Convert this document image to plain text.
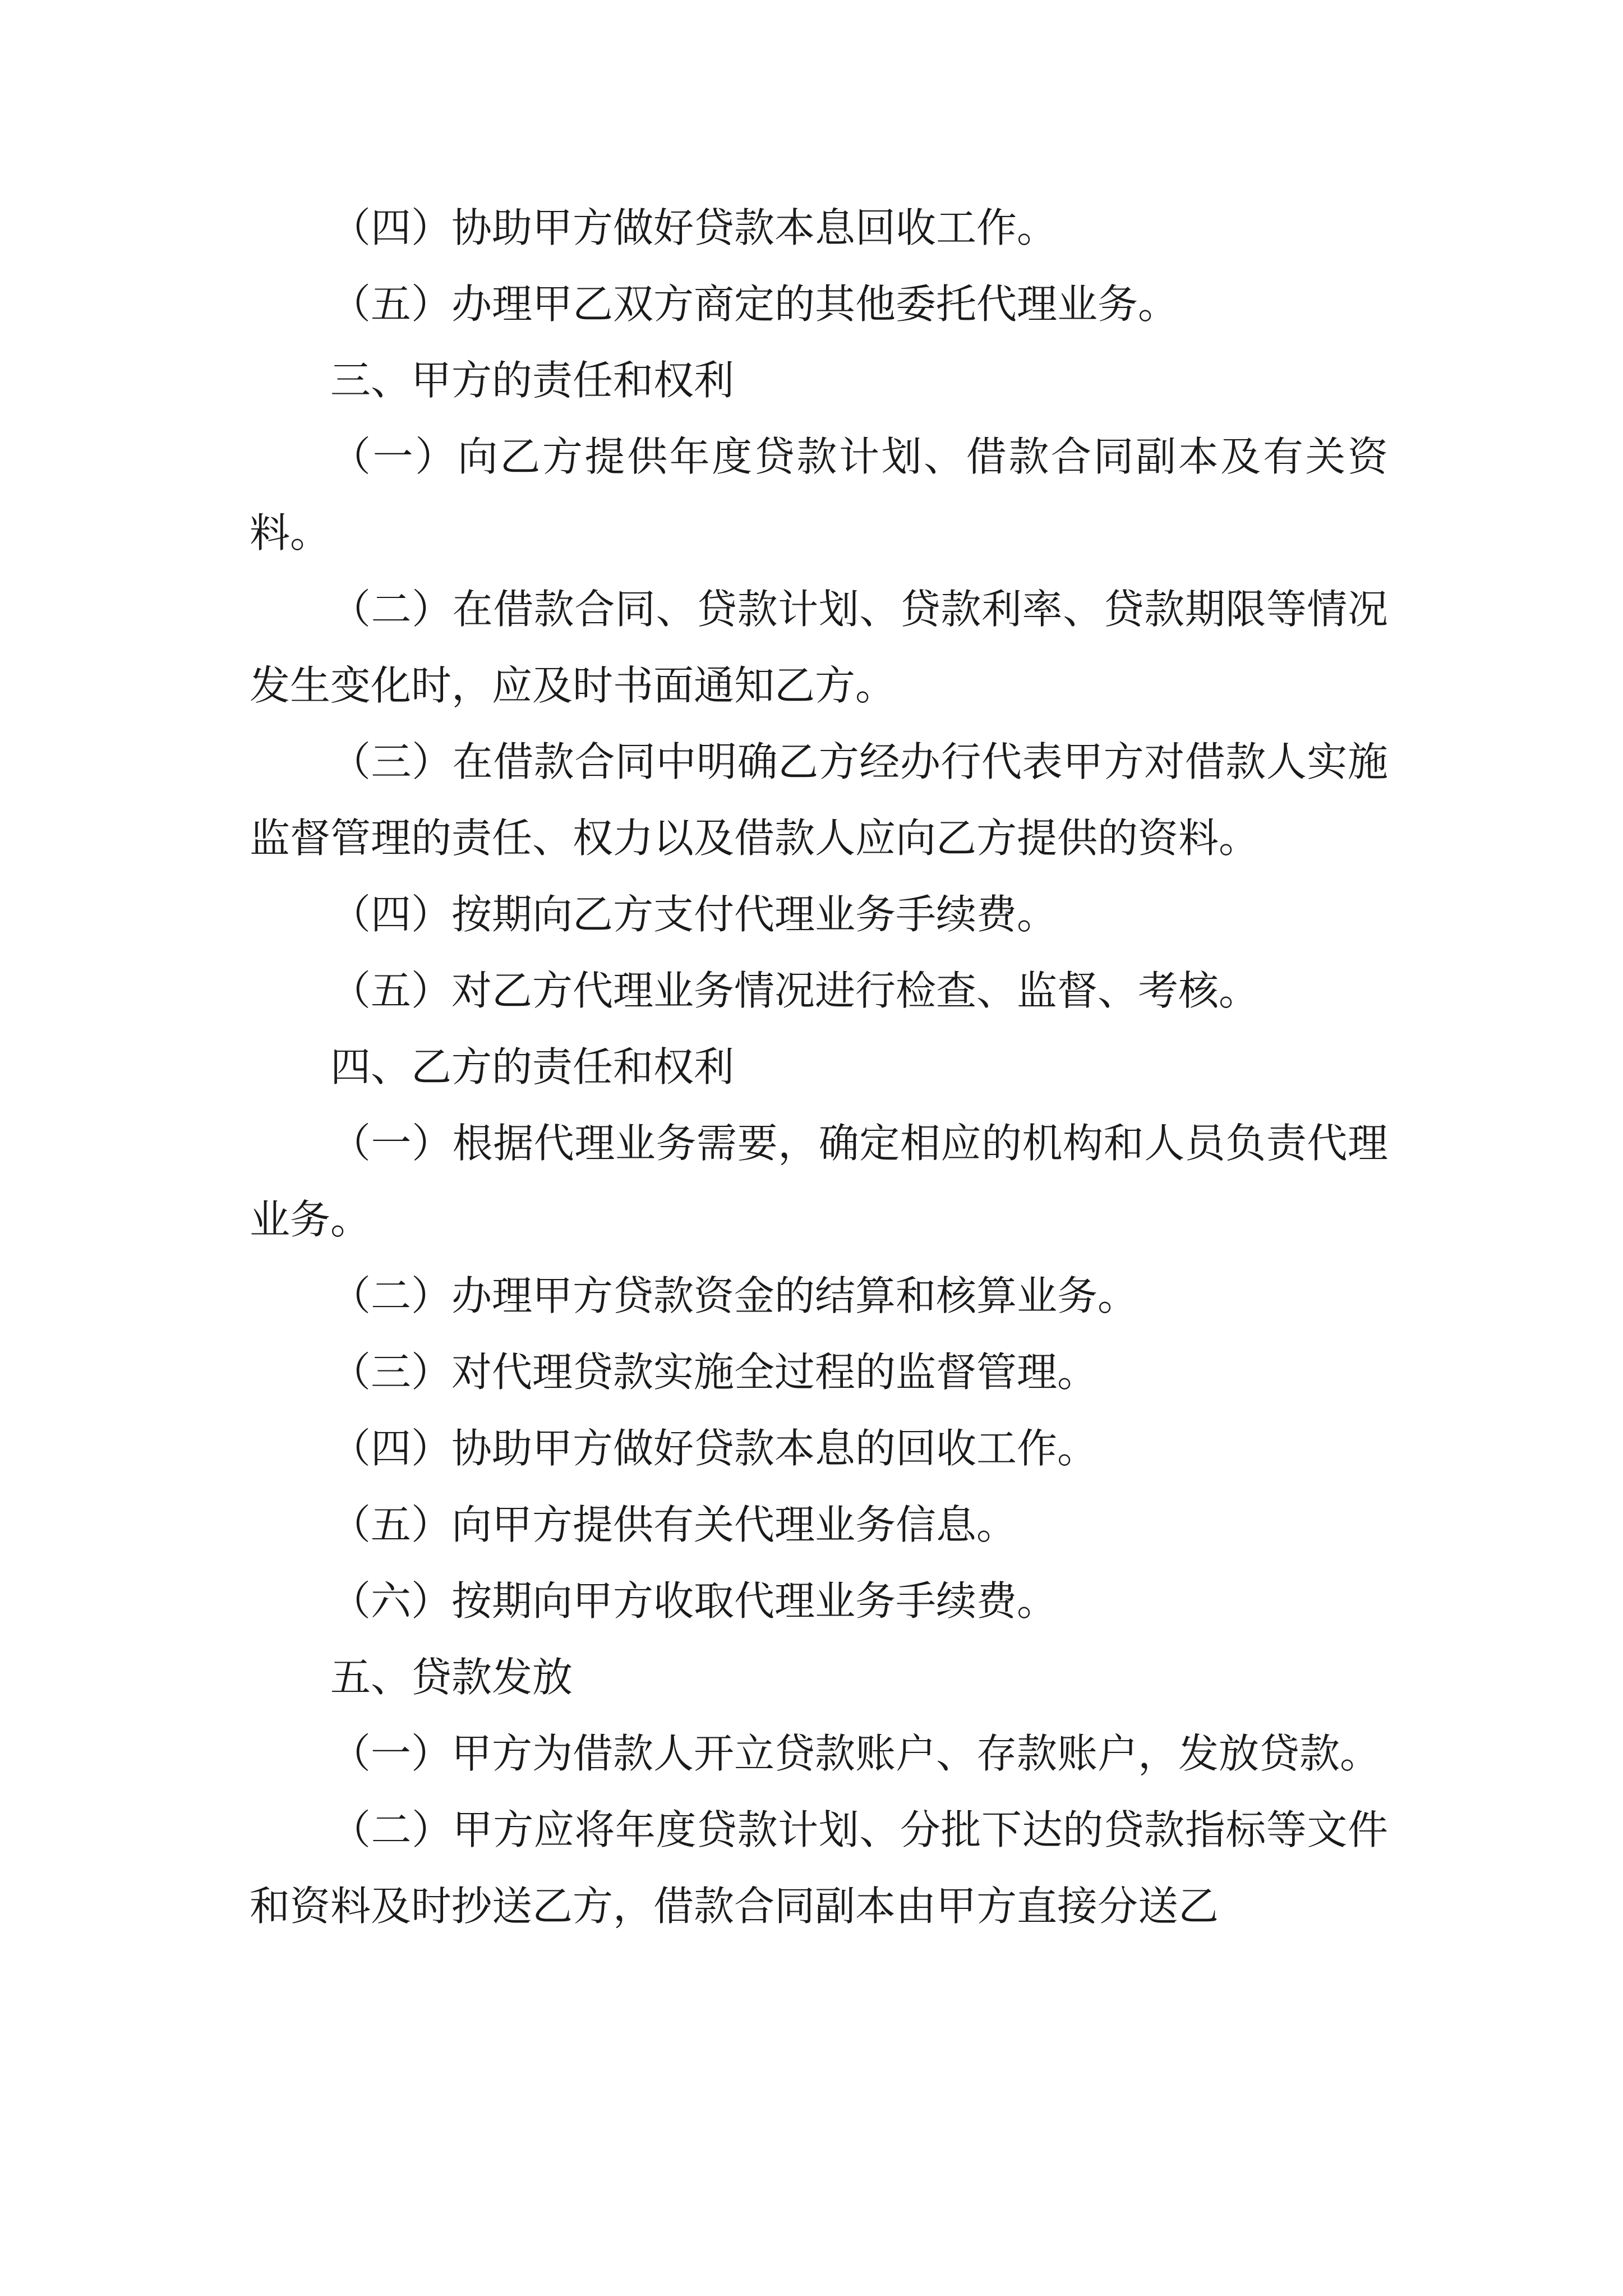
（四）协助甲方做好贷款本息回收工作。

（五）办理甲乙双方商定的其他委托代理业务。

三、甲方的责任和权利

（一）向乙方提供年度贷款计划、借款合同副本及有关资料。

（二）在借款合同、贷款计划、贷款利率、贷款期限等情况发生变化时，应及时书面通知乙方。

（三）在借款合同中明确乙方经办行代表甲方对借款人实施监督管理的责任、权力以及借款人应向乙方提供的资料。

（四）按期向乙方支付代理业务手续费。

（五）对乙方代理业务情况进行检查、监督、考核。

四、乙方的责任和权利

（一）根据代理业务需要，确定相应的机构和人员负责代理业务。

（二）办理甲方贷款资金的结算和核算业务。

（三）对代理贷款实施全过程的监督管理。

（四）协助甲方做好贷款本息的回收工作。

（五）向甲方提供有关代理业务信息。

（六）按期向甲方收取代理业务手续费。

五、贷款发放

（一）甲方为借款人开立贷款账户、存款账户，发放贷款。

（二）甲方应将年度贷款计划、分批下达的贷款指标等文件和资料及时抄送乙方，借款合同副本由甲方直接分送乙
